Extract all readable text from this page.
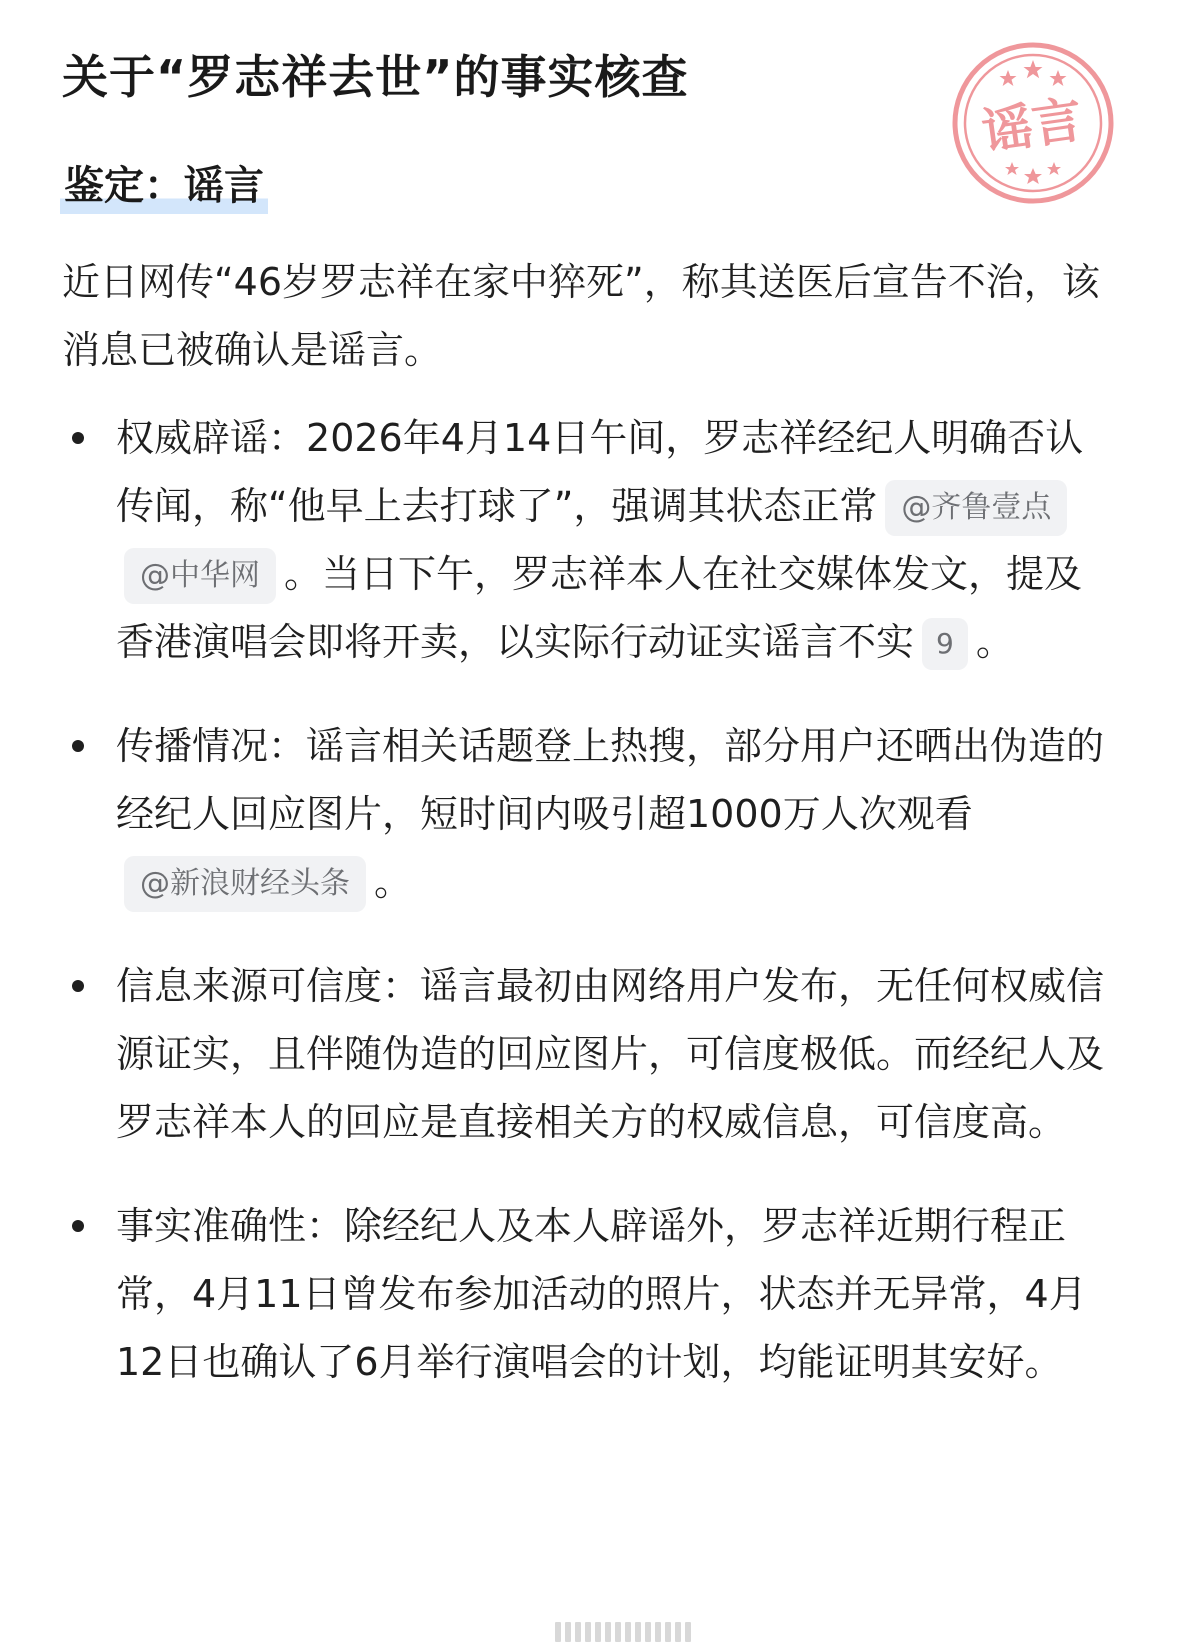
关于“罗志祥去世”的事实核查
鉴定：谣言
谣言
近日网传“46岁罗志祥在家中猝死”，称其送医后宣告不治，该消息已被确认是谣言。
权威辟谣：2026年4月14日午间，罗志祥经纪人明确否认传闻，称“他早上去打球了”，强调其状态正常 @齐鲁壹点@中华网 。当日下午，罗志祥本人在社交媒体发文，提及香港演唱会即将开卖，以实际行动证实谣言不实 9 。
传播情况：谣言相关话题登上热搜，部分用户还晒出伪造的经纪人回应图片，短时间内吸引超1000万人次观看@新浪财经头条 。
信息来源可信度：谣言最初由网络用户发布，无任何权威信源证实，且伴随伪造的回应图片，可信度极低。而经纪人及罗志祥本人的回应是直接相关方的权威信息，可信度高。
事实准确性：除经纪人及本人辟谣外，罗志祥近期行程正常，4月11日曾发布参加活动的照片，状态并无异常，4月12日也确认了6月举行演唱会的计划，均能证明其安好。
